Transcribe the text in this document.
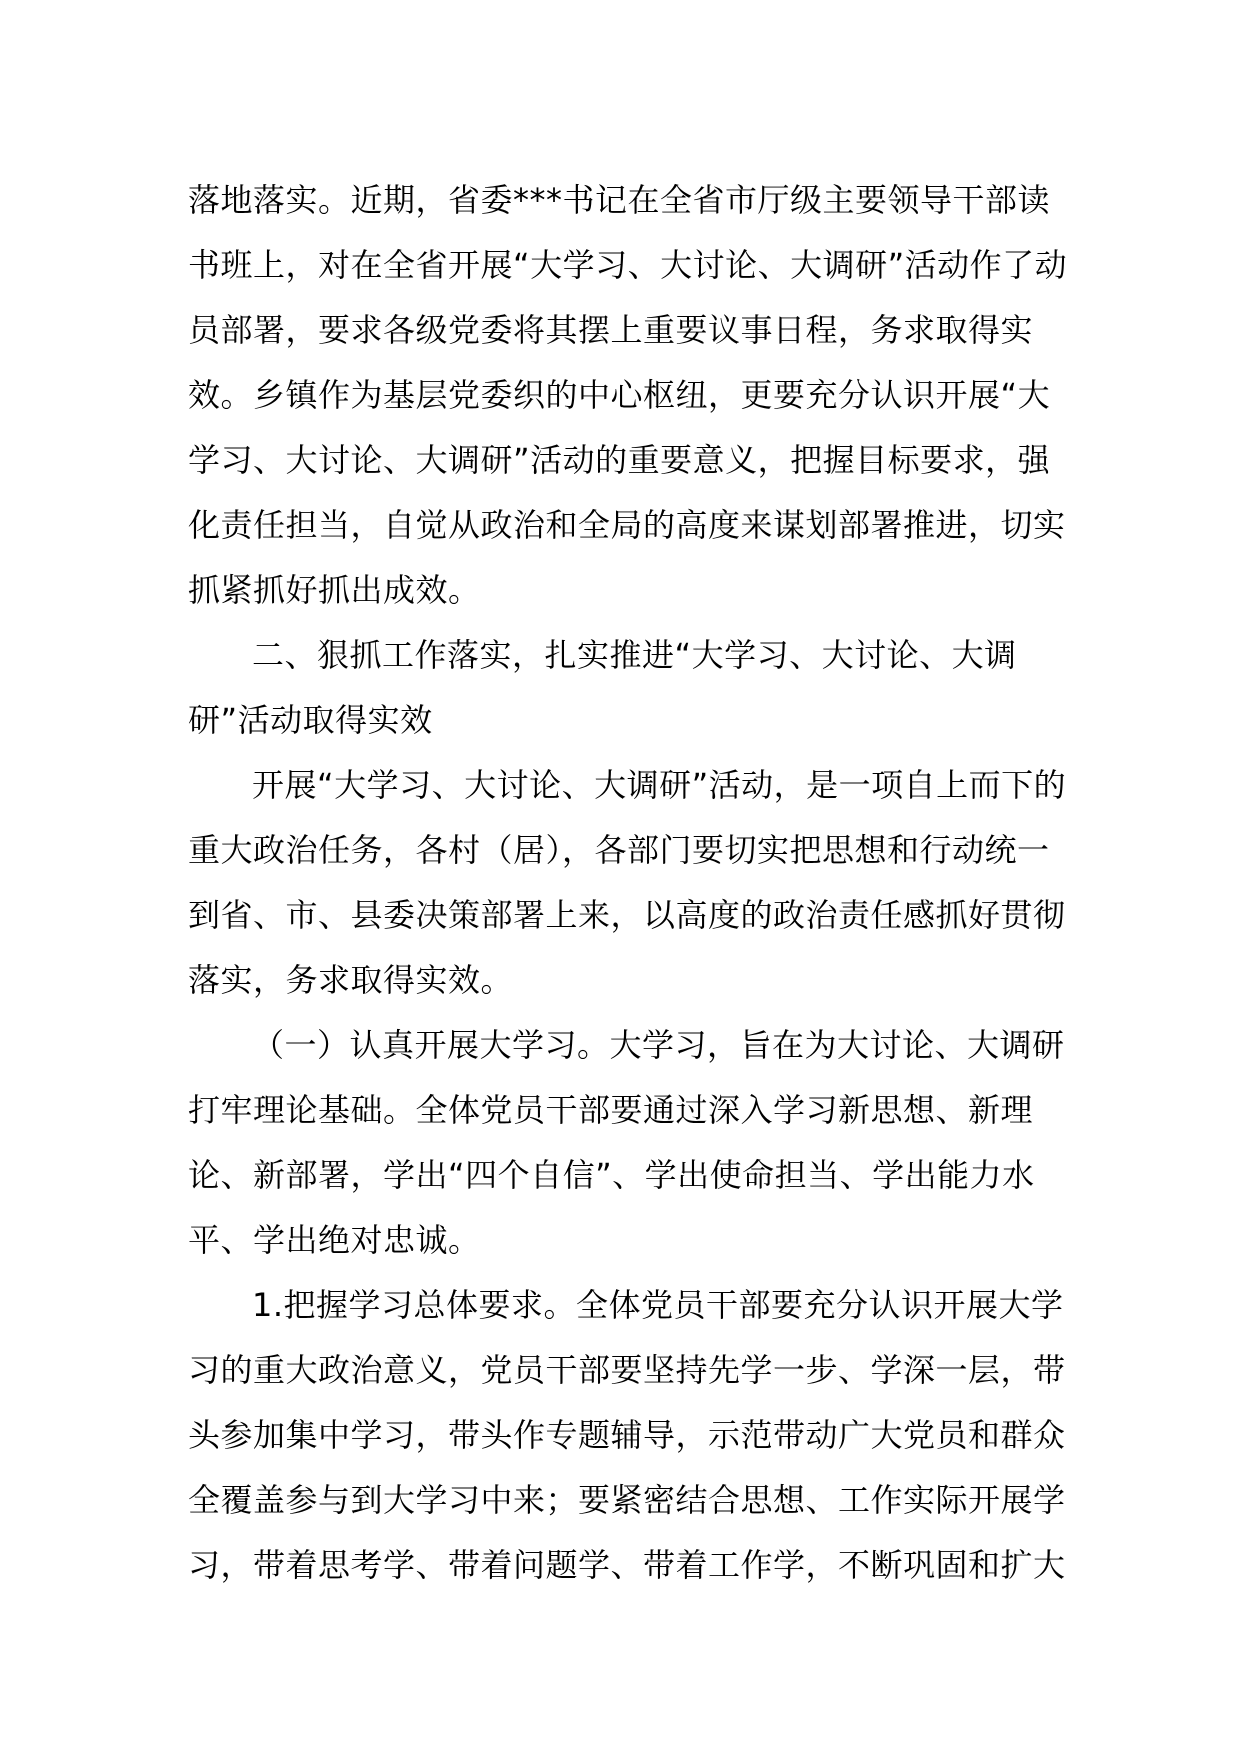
落地落实。近期，省委***书记在全省市厅级主要领导干部读书班上，对在全省开展“大学习、大讨论、大调研”活动作了动员部署，要求各级党委将其摆上重要议事日程，务求取得实效。乡镇作为基层党委织的中心枢纽，更要充分认识开展“大学习、大讨论、大调研”活动的重要意义，把握目标要求，强化责任担当，自觉从政治和全局的高度来谋划部署推进，切实抓紧抓好抓出成效。

二、狠抓工作落实，扎实推进“大学习、大讨论、大调研”活动取得实效

开展“大学习、大讨论、大调研”活动，是一项自上而下的重大政治任务，各村（居），各部门要切实把思想和行动统一到省、市、县委决策部署上来，以高度的政治责任感抓好贯彻落实，务求取得实效。

（一）认真开展大学习。大学习，旨在为大讨论、大调研打牢理论基础。全体党员干部要通过深入学习新思想、新理论、新部署，学出“四个自信”、学出使命担当、学出能力水平、学出绝对忠诚。

1.把握学习总体要求。全体党员干部要充分认识开展大学习的重大政治意义，党员干部要坚持先学一步、学深一层，带头参加集中学习，带头作专题辅导，示范带动广大党员和群众全覆盖参与到大学习中来；要紧密结合思想、工作实际开展学习，带着思考学、带着问题学、带着工作学，不断巩固和扩大
